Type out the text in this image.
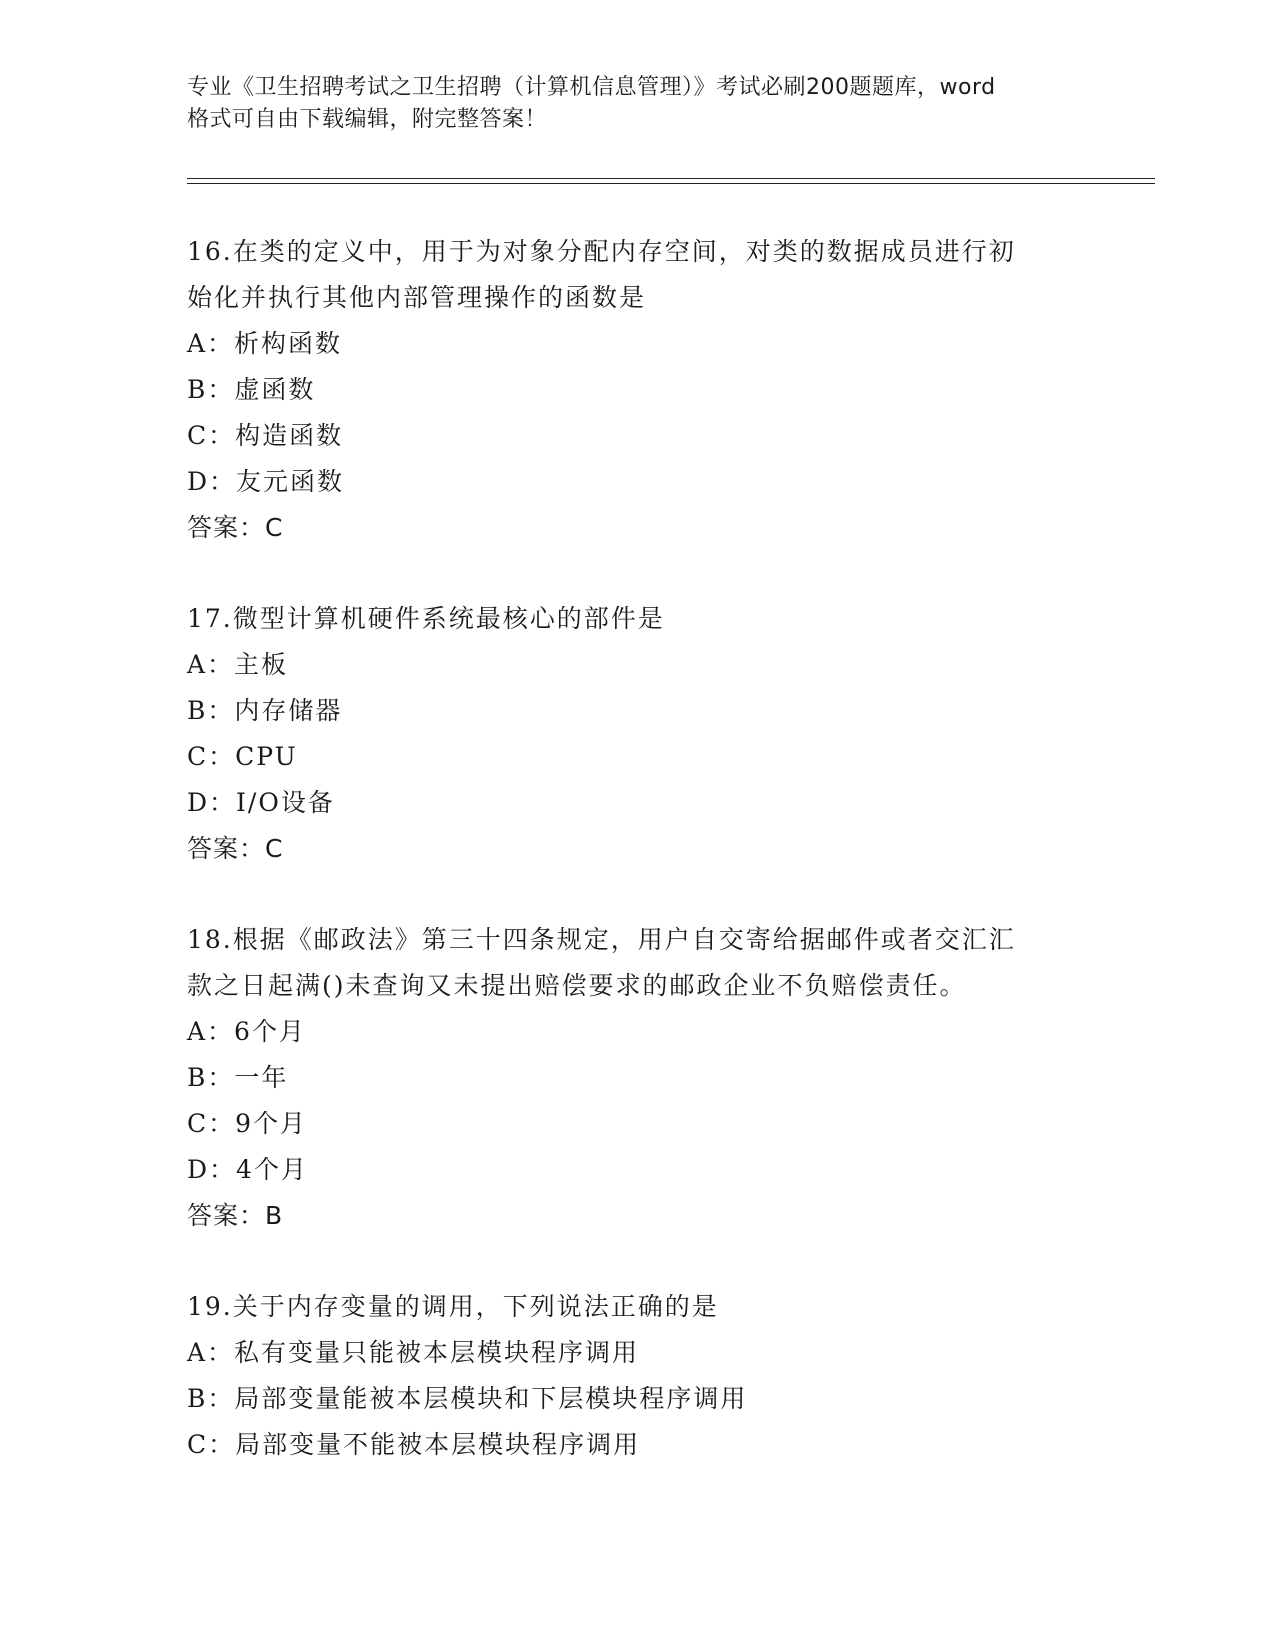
专业《卫生招聘考试之卫生招聘（计算机信息管理）》考试必刷200题题库，word
格式可自由下载编辑，附完整答案！
16.在类的定义中，用于为对象分配内存空间，对类的数据成员进行初
始化并执行其他内部管理操作的函数是
A：析构函数
B：虚函数
C：构造函数
D：友元函数
答案：C
17.微型计算机硬件系统最核心的部件是
A：主板
B：内存储器
C：CPU
D：I/O设备
答案：C
18.根据《邮政法》第三十四条规定，用户自交寄给据邮件或者交汇汇
款之日起满()未查询又未提出赔偿要求的邮政企业不负赔偿责任。
A：6个月
B：一年
C：9个月
D：4个月
答案：B
19.关于内存变量的调用，下列说法正确的是
A：私有变量只能被本层模块程序调用
B：局部变量能被本层模块和下层模块程序调用
C：局部变量不能被本层模块程序调用
